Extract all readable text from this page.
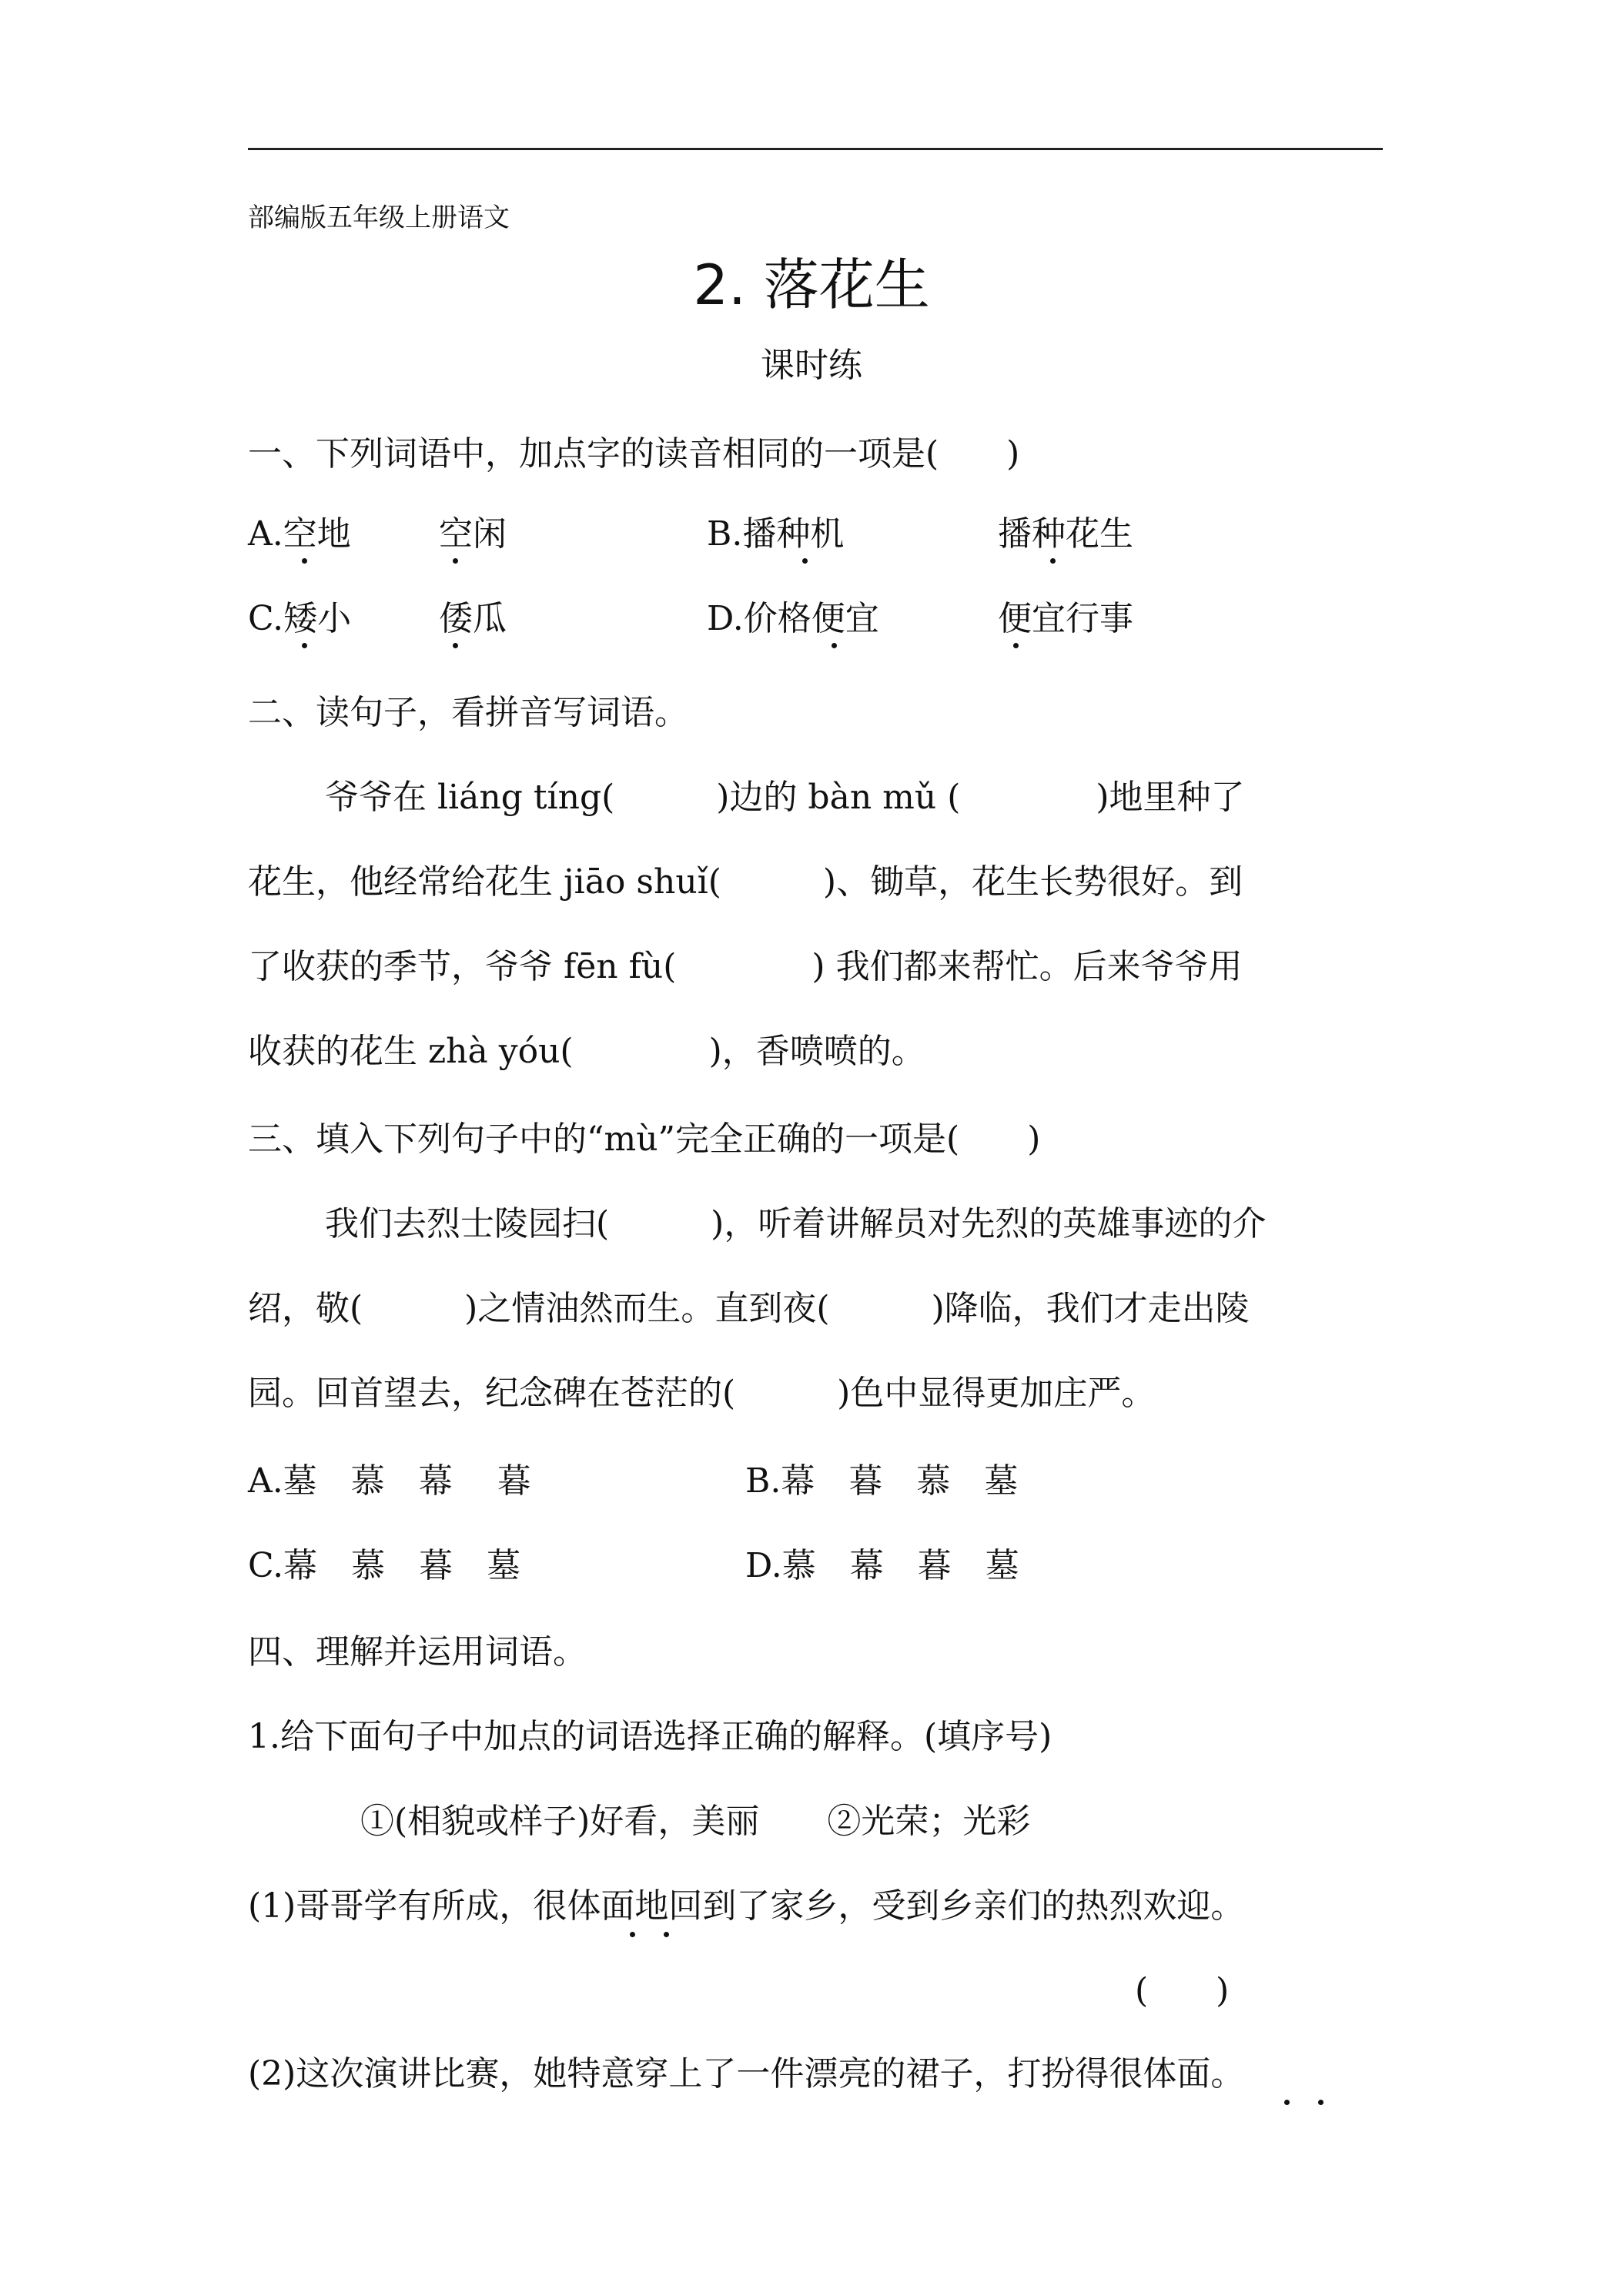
部编版五年级上册语文
2. 落花生
课时练
一、下列词语中，加点字的读音相同的一项是(　　)
A.空地	空闲	B.播种机	播种花生
C.矮小	倭瓜	D.价格便宜	便宜行事
二、读句子，看拼音写词语。
爷爷在 liáng tíng(　　　)边的 bàn mǔ (　　　　)地里种了
花生，他经常给花生 jiāo shuǐ(　　　)、锄草，花生长势很好。到
了收获的季节，爷爷 fēn fù(　　　　) 我们都来帮忙。后来爷爷用
收获的花生 zhà yóu(　　　　)，香喷喷的。
三、填入下列句子中的“mù”完全正确的一项是(　　)
我们去烈士陵园扫(　　　)，听着讲解员对先烈的英雄事迹的介
绍，敬(　　　)之情油然而生。直到夜(　　　)降临，我们才走出陵
园。回首望去，纪念碑在苍茫的(　　　)色中显得更加庄严。
A.墓　慕　幕　 暮	B.幕　暮　慕　墓
C.幕　慕　暮　墓	D.慕　幕　暮　墓
四、理解并运用词语。
1.给下面句子中加点的词语选择正确的解释。(填序号)
①(相貌或样子)好看，美丽　　②光荣；光彩
(1)哥哥学有所成，很体面地回到了家乡，受到乡亲们的热烈欢迎。
(　　)
(2)这次演讲比赛，她特意穿上了一件漂亮的裙子，打扮得很体面。
